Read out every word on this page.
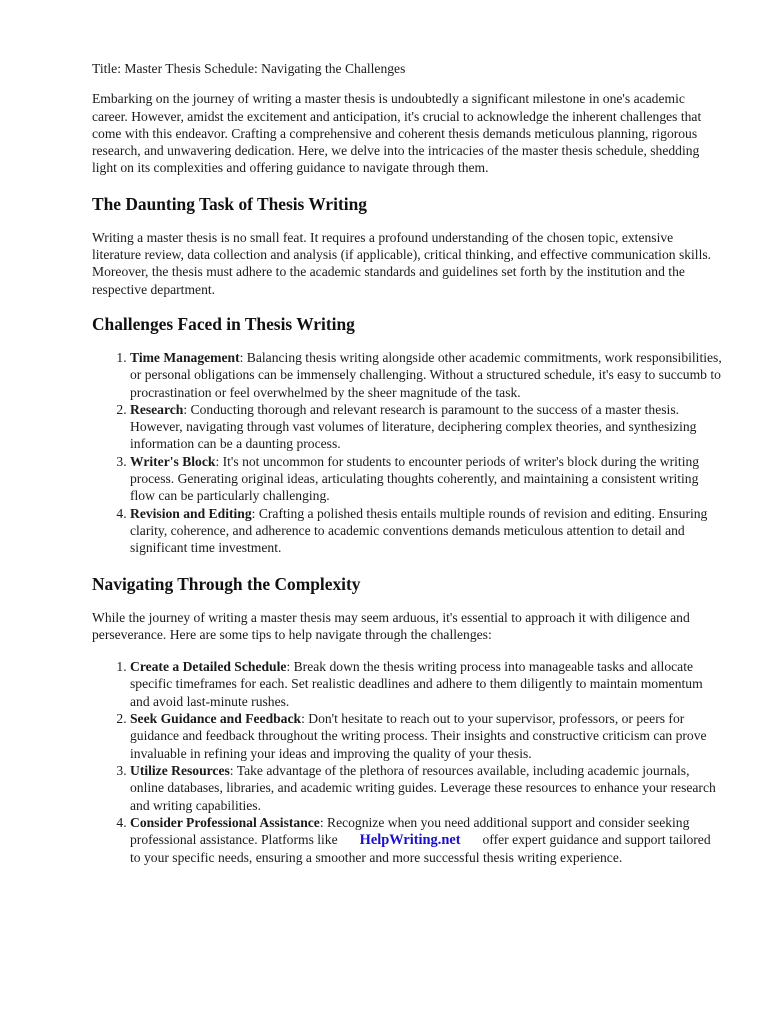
Title: Master Thesis Schedule: Navigating the Challenges

Embarking on the journey of writing a master thesis is undoubtedly a significant milestone in one's academic career. However, amidst the excitement and anticipation, it's crucial to acknowledge the inherent challenges that come with this endeavor. Crafting a comprehensive and coherent thesis demands meticulous planning, rigorous research, and unwavering dedication. Here, we delve into the intricacies of the master thesis schedule, shedding light on its complexities and offering guidance to navigate through them.

The Daunting Task of Thesis Writing

Writing a master thesis is no small feat. It requires a profound understanding of the chosen topic, extensive literature review, data collection and analysis (if applicable), critical thinking, and effective communication skills. Moreover, the thesis must adhere to the academic standards and guidelines set forth by the institution and the respective department.

Challenges Faced in Thesis Writing
1. Time Management: Balancing thesis writing alongside other academic commitments, work responsibilities, or personal obligations can be immensely challenging. Without a structured schedule, it's easy to succumb to procrastination or feel overwhelmed by the sheer magnitude of the task.
2. Research: Conducting thorough and relevant research is paramount to the success of a master thesis. However, navigating through vast volumes of literature, deciphering complex theories, and synthesizing information can be a daunting process.
3. Writer's Block: It's not uncommon for students to encounter periods of writer's block during the writing process. Generating original ideas, articulating thoughts coherently, and maintaining a consistent writing flow can be particularly challenging.
4. Revision and Editing: Crafting a polished thesis entails multiple rounds of revision and editing. Ensuring clarity, coherence, and adherence to academic conventions demands meticulous attention to detail and significant time investment.
Navigating Through the Complexity

While the journey of writing a master thesis may seem arduous, it's essential to approach it with diligence and perseverance. Here are some tips to help navigate through the challenges:

1. Create a Detailed Schedule: Break down the thesis writing process into manageable tasks and allocate specific timeframes for each. Set realistic deadlines and adhere to them diligently to maintain momentum and avoid last-minute rushes.
2. Seek Guidance and Feedback: Don't hesitate to reach out to your supervisor, professors, or peers for guidance and feedback throughout the writing process. Their insights and constructive criticism can prove invaluable in refining your ideas and improving the quality of your thesis.
3. Utilize Resources: Take advantage of the plethora of resources available, including academic journals, online databases, libraries, and academic writing guides. Leverage these resources to enhance your research and writing capabilities.
4. Consider Professional Assistance: Recognize when you need additional support and consider seeking professional assistance. Platforms like HelpWriting.net offer expert guidance and support tailored to your specific needs, ensuring a smoother and more successful thesis writing experience.
